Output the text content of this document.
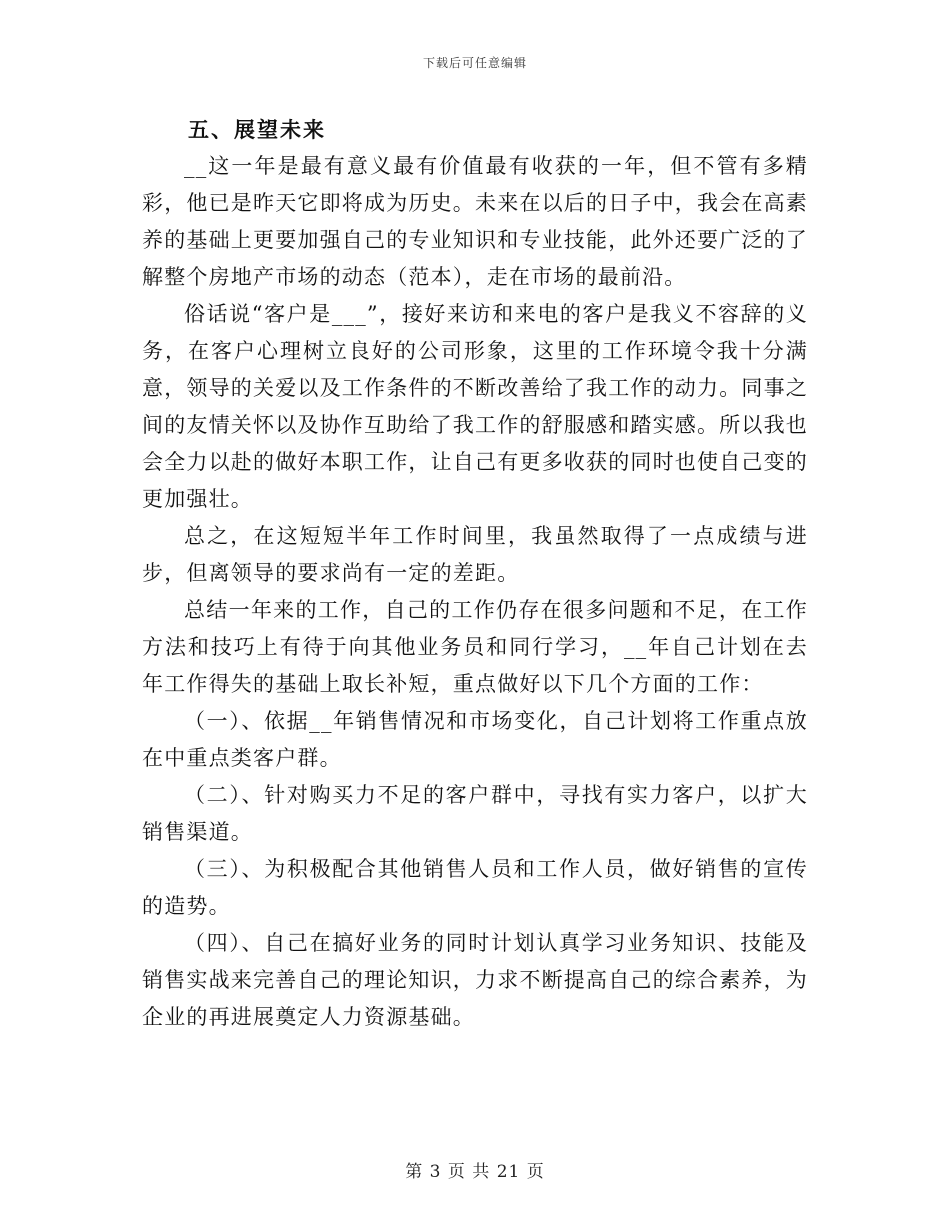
下载后可任意编辑
五、展望未来

__这一年是最有意义最有价值最有收获的一年，但不管有多精彩，他已是昨天它即将成为历史。未来在以后的日子中，我会在高素养的基础上更要加强自己的专业知识和专业技能，此外还要广泛的了解整个房地产市场的动态（范本），走在市场的最前沿。

俗话说“客户是___”，接好来访和来电的客户是我义不容辞的义务，在客户心理树立良好的公司形象，这里的工作环境令我十分满意，领导的关爱以及工作条件的不断改善给了我工作的动力。同事之间的友情关怀以及协作互助给了我工作的舒服感和踏实感。所以我也会全力以赴的做好本职工作，让自己有更多收获的同时也使自己变的更加强壮。

总之，在这短短半年工作时间里，我虽然取得了一点成绩与进步，但离领导的要求尚有一定的差距。

总结一年来的工作，自己的工作仍存在很多问题和不足，在工作方法和技巧上有待于向其他业务员和同行学习，__年自己计划在去年工作得失的基础上取长补短，重点做好以下几个方面的工作：

（一）、依据__年销售情况和市场变化，自己计划将工作重点放在中重点类客户群。

（二）、针对购买力不足的客户群中，寻找有实力客户，以扩大销售渠道。

（三）、为积极配合其他销售人员和工作人员，做好销售的宣传的造势。

（四）、自己在搞好业务的同时计划认真学习业务知识、技能及销售实战来完善自己的理论知识，力求不断提高自己的综合素养，为企业的再进展奠定人力资源基础。

第 3 页 共 21 页
